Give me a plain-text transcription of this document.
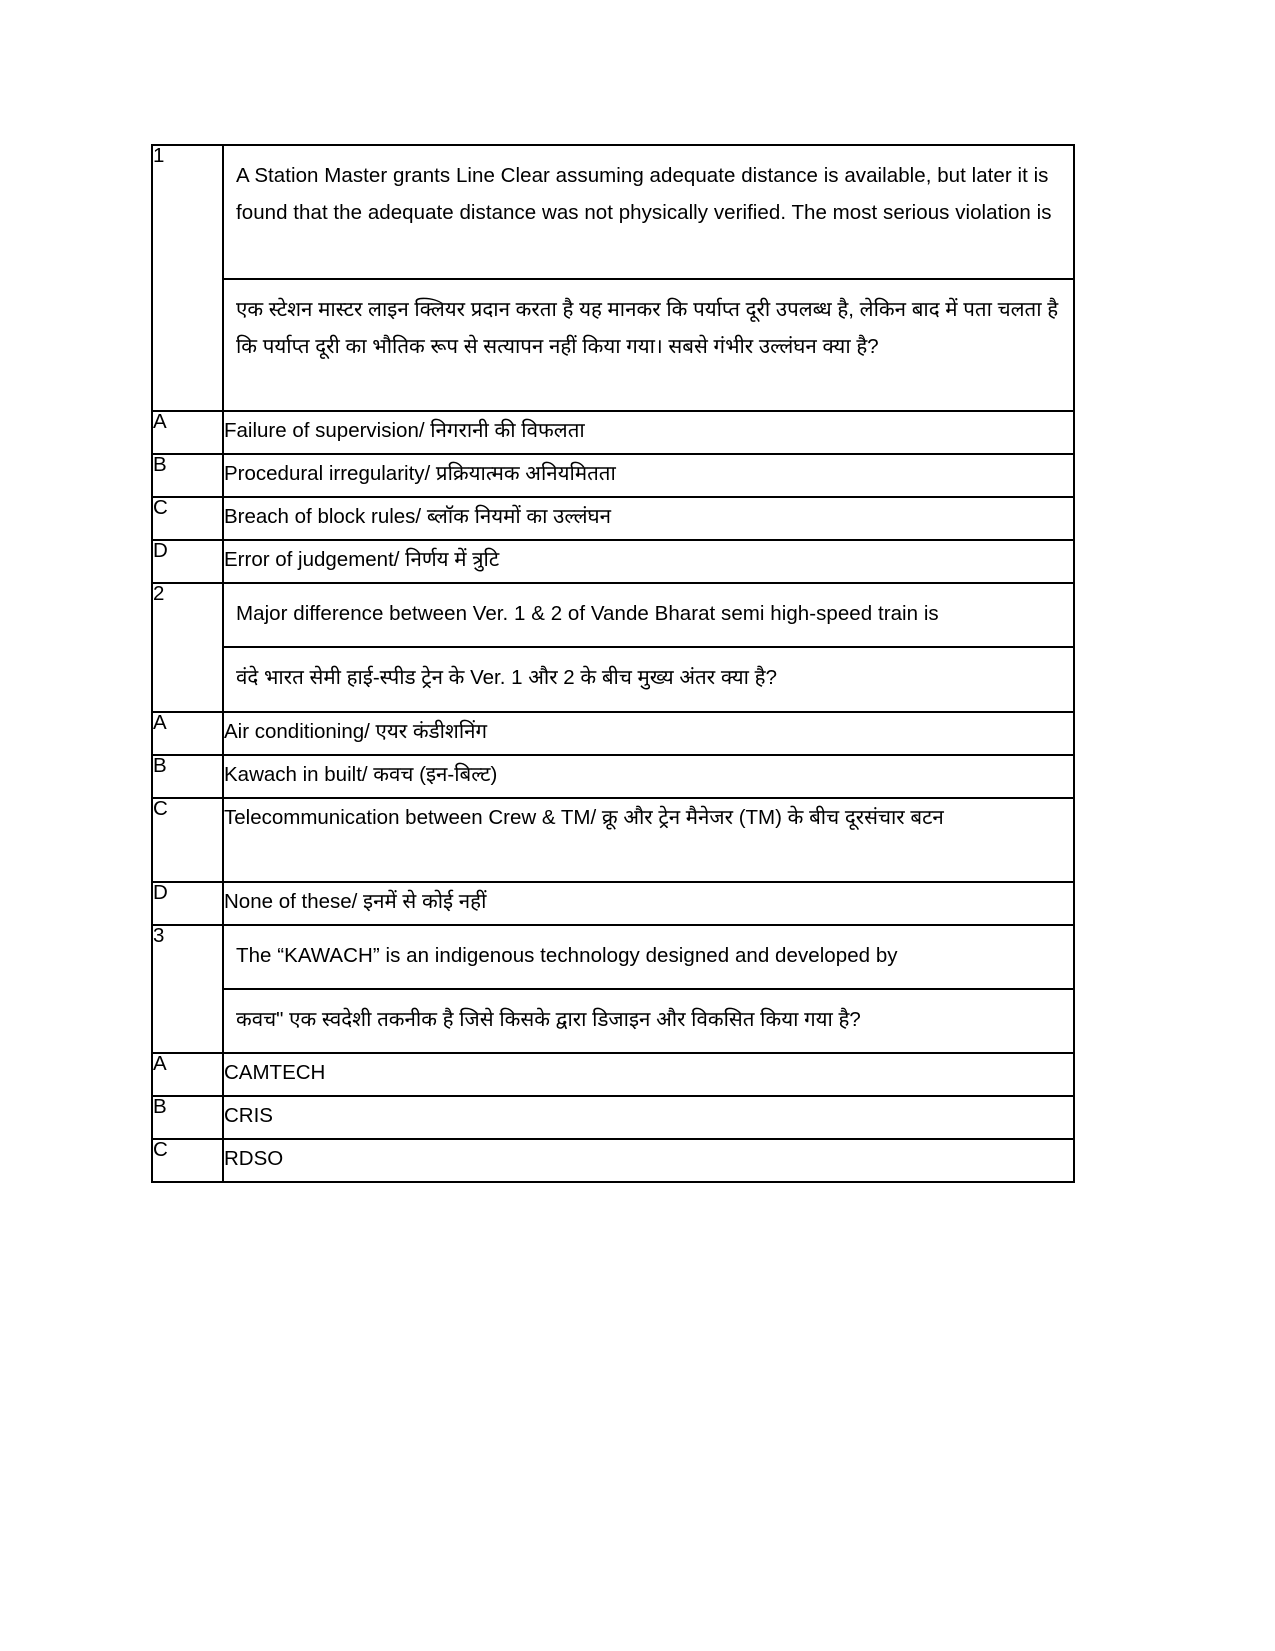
1	A Station Master grants Line Clear assuming adequate distance is available, but later it is found that the adequate distance was not physically verified. The most serious violation is
एक स्टेशन मास्टर लाइन क्लियर प्रदान करता है यह मानकर कि पर्याप्त दूरी उपलब्ध है, लेकिन बाद में पता चलता है कि पर्याप्त दूरी का भौतिक रूप से सत्यापन नहीं किया गया। सबसे गंभीर उल्लंघन क्या है?

A	Failure of supervision/ निगरानी की विफलता
B	Procedural irregularity/ प्रक्रियात्मक अनियमितता
C	Breach of block rules/ ब्लॉक नियमों का उल्लंघन
D	Error of judgement/ निर्णय में त्रुटि
2	Major difference between Ver. 1 & 2 of Vande Bharat semi high-speed train is
वंदे भारत सेमी हाई-स्पीड ट्रेन के Ver. 1 और 2 के बीच मुख्य अंतर क्या है?

A	Air conditioning/ एयर कंडीशनिंग
B	Kawach in built/ कवच (इन-बिल्ट)
C	Telecommunication between Crew & TM/ क्रू और ट्रेन मैनेजर (TM) के बीच दूरसंचार बटन
D	None of these/ इनमें से कोई नहीं
3	The “KAWACH” is an indigenous technology designed and developed by
कवच" एक स्वदेशी तकनीक है जिसे किसके द्वारा डिजाइन और विकसित किया गया है?

A	CAMTECH
B	CRIS
C	RDSO
